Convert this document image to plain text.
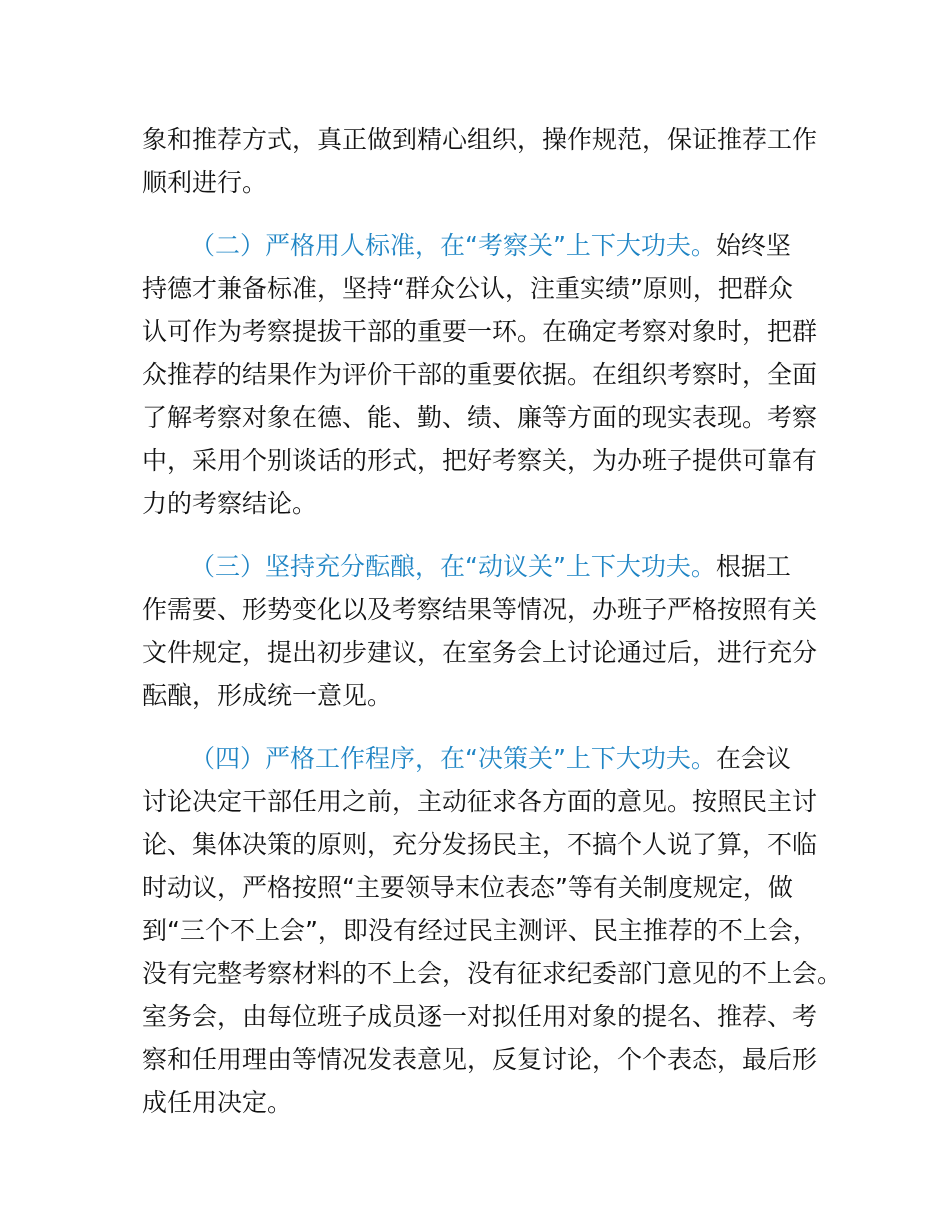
象和推荐方式，真正做到精心组织，操作规范，保证推荐工作
顺利进行。
（二）严格用人标准，在“考察关”上下大功夫。始终坚
持德才兼备标准，坚持“群众公认，注重实绩”原则，把群众
认可作为考察提拔干部的重要一环。在确定考察对象时，把群
众推荐的结果作为评价干部的重要依据。在组织考察时，全面
了解考察对象在德、能、勤、绩、廉等方面的现实表现。考察
中，采用个别谈话的形式，把好考察关，为办班子提供可靠有
力的考察结论。
（三）坚持充分酝酿，在“动议关”上下大功夫。根据工
作需要、形势变化以及考察结果等情况，办班子严格按照有关
文件规定，提出初步建议，在室务会上讨论通过后，进行充分
酝酿，形成统一意见。
（四）严格工作程序，在“决策关”上下大功夫。在会议
讨论决定干部任用之前，主动征求各方面的意见。按照民主讨
论、集体决策的原则，充分发扬民主，不搞个人说了算，不临
时动议，严格按照“主要领导末位表态”等有关制度规定，做
到“三个不上会”，即没有经过民主测评、民主推荐的不上会，
没有完整考察材料的不上会，没有征求纪委部门意见的不上会。
室务会，由每位班子成员逐一对拟任用对象的提名、推荐、考
察和任用理由等情况发表意见，反复讨论，个个表态，最后形
成任用决定。
